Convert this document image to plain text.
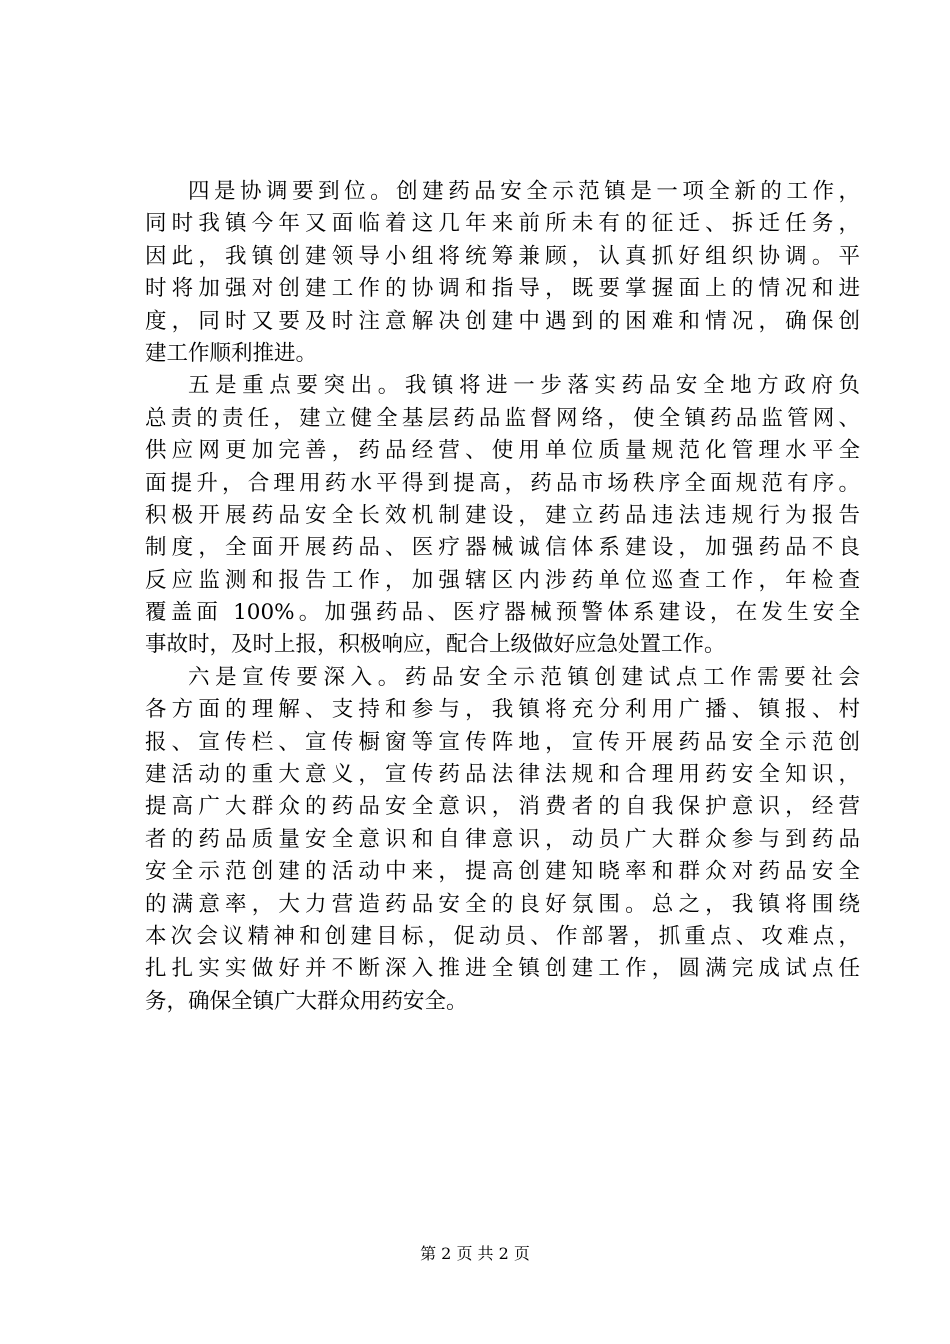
四是协调要到位。创建药品安全示范镇是一项全新的工作，
同时我镇今年又面临着这几年来前所未有的征迁、拆迁任务，
因此，我镇创建领导小组将统筹兼顾，认真抓好组织协调。平
时将加强对创建工作的协调和指导，既要掌握面上的情况和进
度，同时又要及时注意解决创建中遇到的困难和情况，确保创
建工作顺利推进。
五是重点要突出。我镇将进一步落实药品安全地方政府负
总责的责任，建立健全基层药品监督网络，使全镇药品监管网、
供应网更加完善，药品经营、使用单位质量规范化管理水平全
面提升，合理用药水平得到提高，药品市场秩序全面规范有序。
积极开展药品安全长效机制建设，建立药品违法违规行为报告
制度，全面开展药品、医疗器械诚信体系建设，加强药品不良
反应监测和报告工作，加强辖区内涉药单位巡查工作，年检查
覆盖面 100%。加强药品、医疗器械预警体系建设，在发生安全
事故时，及时上报，积极响应，配合上级做好应急处置工作。
六是宣传要深入。药品安全示范镇创建试点工作需要社会
各方面的理解、支持和参与，我镇将充分利用广播、镇报、村
报、宣传栏、宣传橱窗等宣传阵地，宣传开展药品安全示范创
建活动的重大意义，宣传药品法律法规和合理用药安全知识，
提高广大群众的药品安全意识，消费者的自我保护意识，经营
者的药品质量安全意识和自律意识，动员广大群众参与到药品
安全示范创建的活动中来，提高创建知晓率和群众对药品安全
的满意率，大力营造药品安全的良好氛围。总之，我镇将围绕
本次会议精神和创建目标，促动员、作部署，抓重点、攻难点，
扎扎实实做好并不断深入推进全镇创建工作，圆满完成试点任
务，确保全镇广大群众用药安全。
第 2 页 共 2 页
